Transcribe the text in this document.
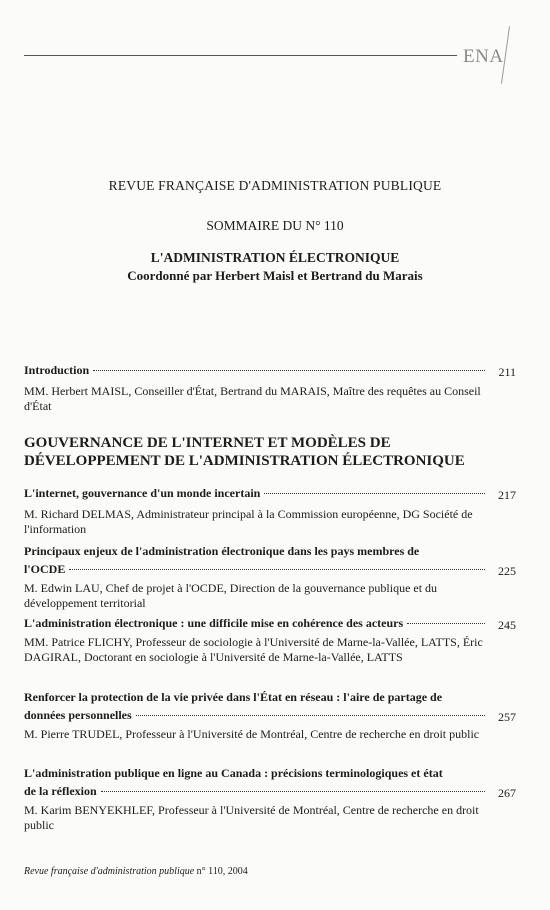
ENA
REVUE FRANÇAISE D'ADMINISTRATION PUBLIQUE
SOMMAIRE DU N° 110
L'ADMINISTRATION ÉLECTRONIQUE
Coordonné par Herbert Maisl et Bertrand du Marais
Introduction	211
MM. Herbert MAISL, Conseiller d'État, Bertrand du MARAIS, Maître des requêtes au Conseil d'État
GOUVERNANCE DE L'INTERNET ET MODÈLES DE DÉVELOPPEMENT DE L'ADMINISTRATION ÉLECTRONIQUE
L'internet, gouvernance d'un monde incertain	217
M. Richard DELMAS, Administrateur principal à la Commission européenne, DG Société de l'information
Principaux enjeux de l'administration électronique dans les pays membres de
l'OCDE	225
M. Edwin LAU, Chef de projet à l'OCDE, Direction de la gouvernance publique et du développement territorial
L'administration électronique : une difficile mise en cohérence des acteurs	245
MM. Patrice FLICHY, Professeur de sociologie à l'Université de Marne-la-Vallée, LATTS, Éric DAGIRAL, Doctorant en sociologie à l'Université de Marne-la-Vallée, LATTS
Renforcer la protection de la vie privée dans l'État en réseau : l'aire de partage de
données personnelles	257
M. Pierre TRUDEL, Professeur à l'Université de Montréal, Centre de recherche en droit public
L'administration publique en ligne au Canada : précisions terminologiques et état
de la réflexion	267
M. Karim BENYEKHLEF, Professeur à l'Université de Montréal, Centre de recherche en droit public
Revue française d'administration publique n° 110, 2004
